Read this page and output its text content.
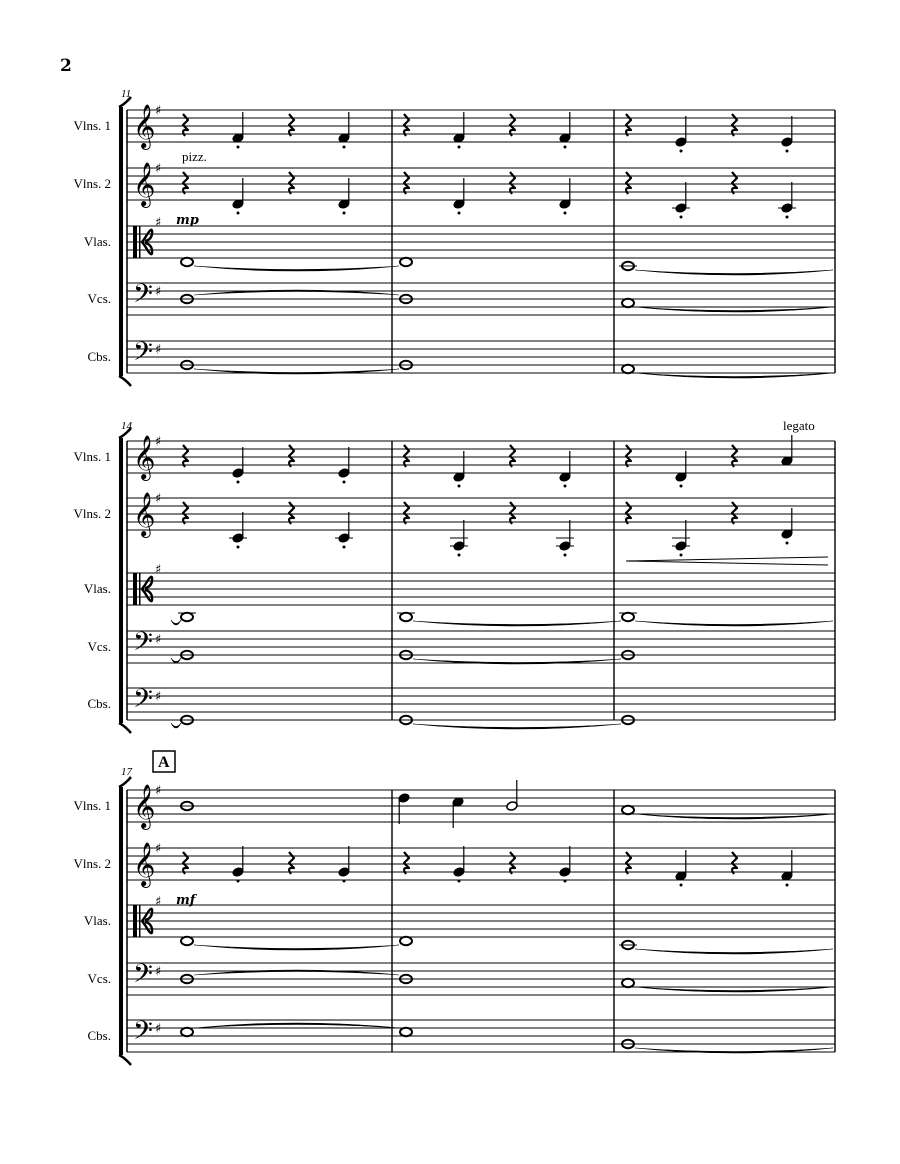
2
11
Vlns. 1 𝄞 ♯
Vlns. 2 𝄞 ♯
pizz.
mp
Vlas.
♯
Vcs. 𝄢 ♯
Cbs. 𝄢 ♯
14
Vlns. 1 𝄞 ♯
legato
Vlns. 2 𝄞 ♯
Vlas.
♯
Vcs. 𝄢 ♯
Cbs. 𝄢 ♯
17
A
Vlns. 1 𝄞 ♯
Vlns. 2 𝄞 ♯
mf
Vlas.
♯
Vcs. 𝄢 ♯
Cbs. 𝄢 ♯
